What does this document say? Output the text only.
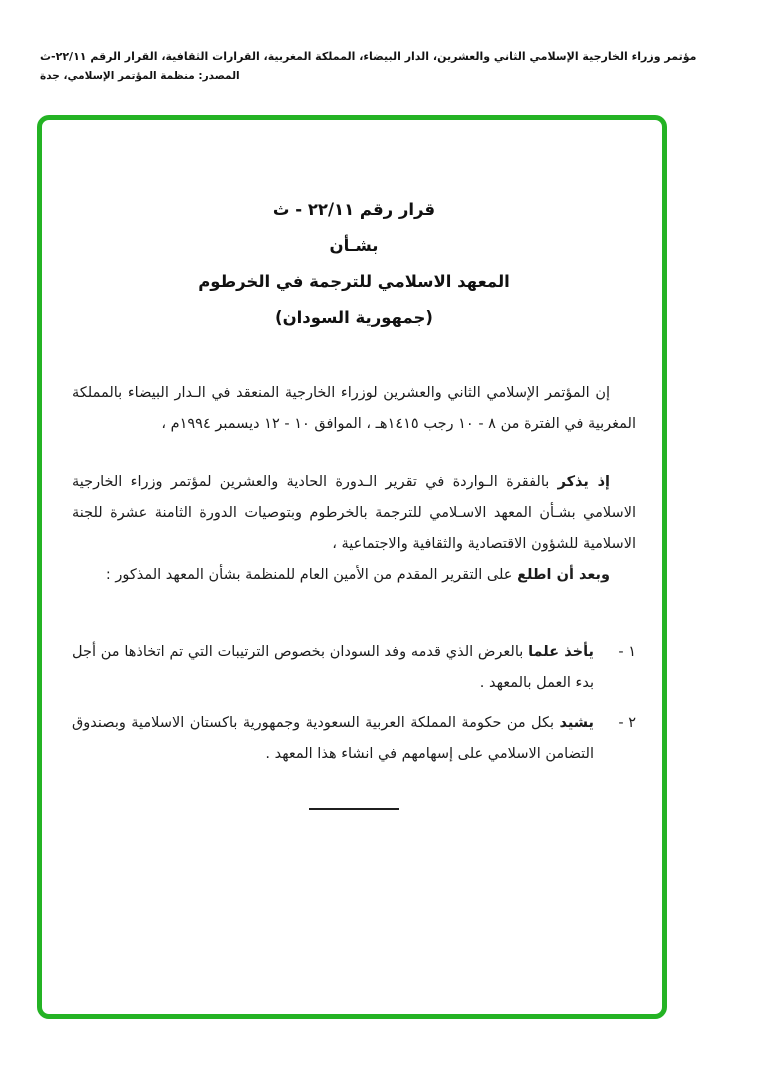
مؤتمر وزراء الخارجية الإسلامي الثاني والعشرين، الدار البيضاء، المملكة المغربية، القرارات الثقافية، القرار الرقم ٢٢/١١-ث
المصدر: منظمة المؤتمر الإسلامي، جدة
قرار رقم ٢٢/١١ - ث
بشـأن
المعهد الاسلامي للترجمة في الخرطوم
(جمهورية السودان)

إن المؤتمر الإسلامي الثاني والعشرين لوزراء الخارجية المنعقد في الـدار البيضاء بالمملكة المغربية في الفترة من ٨ - ١٠ رجب ١٤١٥هـ ، الموافق ١٠ - ١٢ ديسمبر ١٩٩٤م ،

إذ يذكر بالفقرة الـواردة في تقرير الـدورة الحادية والعشرين لمؤتمر وزراء الخارجية الاسلامي بشـأن المعهد الاسـلامي للترجمة بالخرطوم وبتوصيات الدورة الثامنة عشرة للجنة الاسلامية للشؤون الاقتصادية والثقافية والاجتماعية ،

وبعد أن اطلع على التقرير المقدم من الأمين العام للمنظمة بشأن المعهد المذكور :

١ -
يأخذ علما بالعرض الذي قدمه وفد السودان بخصوص الترتيبات التي تم اتخاذها من أجل بدء العمل بالمعهد .
٢ -
يشيد بكل من حكومة المملكة العربية السعودية وجمهورية باكستان الاسلامية وبصندوق التضامن الاسلامي على إسهامهم في انشاء هذا المعهد .
